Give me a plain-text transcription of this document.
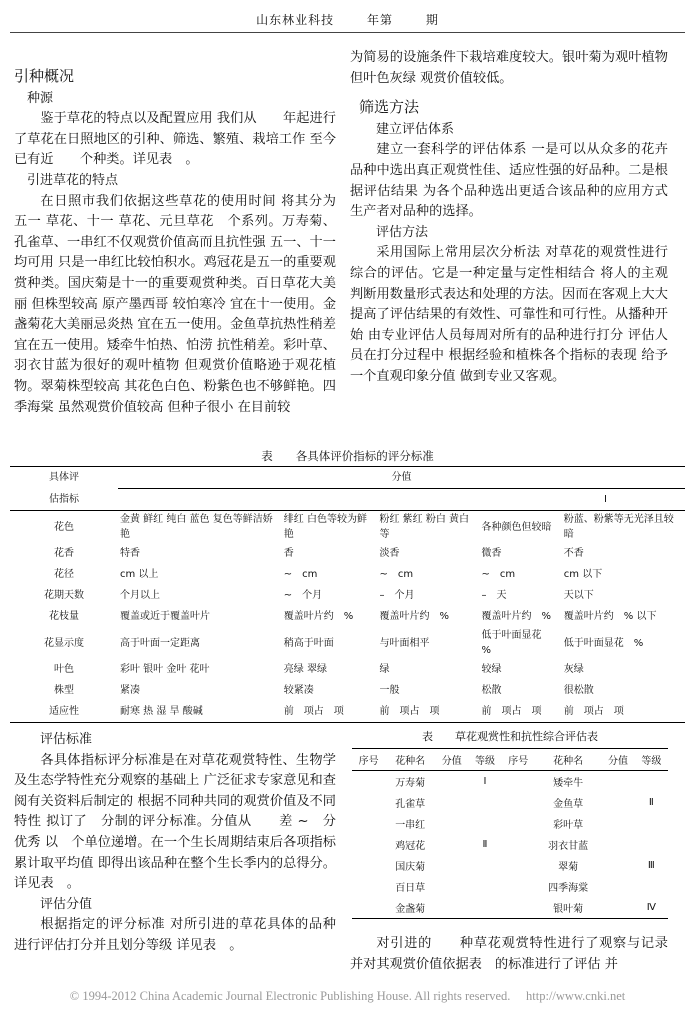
山东林业科技	年第	期
引种概况
种源

鉴于草花的特点以及配置应用 我们从　　年起进行了草花在日照地区的引种、筛选、繁殖、栽培工作 至今已有近　　个种类。详见表　。

引进草花的特点

在日照市我们依据这些草花的使用时间 将其分为　五一 草花、十一 草花、元旦草花　个系列。万寿菊、孔雀草、一串红不仅观赏价值高而且抗性强 五一、十一均可用 只是一串红比较怕积水。鸡冠花是五一的重要观赏种类。国庆菊是十一的重要观赏种类。百日草花大美丽 但株型较高 原产墨西哥 较怕寒冷 宜在十一使用。金盏菊花大美丽忌炎热 宜在五一使用。金鱼草抗热性稍差 宜在五一使用。矮牵牛怕热、怕涝 抗性稍差。彩叶草、羽衣甘蓝为很好的观叶植物 但观赏价值略逊于观花植物。翠菊株型较高 其花色白色、粉紫色也不够鲜艳。四季海棠 虽然观赏价值较高 但种子很小 在目前较

为简易的设施条件下栽培难度较大。银叶菊为观叶植物 但叶色灰绿 观赏价值较低。

筛选方法
建立评估体系

建立一套科学的评估体系 一是可以从众多的花卉品种中选出真正观赏性佳、适应性强的好品种。二是根据评估结果 为各个品种选出更适合该品种的应用方式 生产者对品种的选择。

评估方法

采用国际上常用层次分析法 对草花的观赏性进行综合的评估。它是一种定量与定性相结合 将人的主观判断用数量形式表达和处理的方法。因而在客观上大大提高了评估结果的有效性、可靠性和可行性。从播种开始 由专业评估人员每周对所有的品种进行打分 评估人员在打分过程中 根据经验和植株各个指标的表现 给予一个直观印象分值 做到专业又客观。

表　　各具体评价指标的评分标准
具体评	分值				
估指标					Ⅰ
花色	金黄 鲜红 纯白 蓝色 复色等鲜洁娇艳	绯红 白色等较为鲜艳	粉红 紫红 粉白 黄白等	各种颜色但较暗	粉蓝、粉紫等无光泽且较暗
花香	特香	香	淡香	微香	不香
花径	cm 以上	~　cm	~　cm	~　cm	cm 以下
花期天数	个月以上	~　个月	–　个月	–　天	天以下
花枝量	覆盖或近于覆盖叶片	覆盖叶片约　%	覆盖叶片约　%	覆盖叶片约　%	覆盖叶片约　% 以下
花显示度	高于叶面一定距离	稍高于叶面	与叶面相平	低于叶面显花　%	低于叶面显花　%
叶色	彩叶 银叶 金叶 花叶	亮绿 翠绿	绿	较绿	灰绿
株型	紧凑	较紧凑	一般	松散	很松散
适应性	耐寒 热 湿 旱 酸碱	前　项占　项	前　项占　项	前　项占　项	前　项占　项
评估标准

各具体指标评分标准是在对草花观赏特性、生物学及生态学特性充分观察的基础上 广泛征求专家意见和查阅有关资料后制定的 根据不同种共同的观赏价值及不同特性 拟订了　分制的评分标准。分值从　　差 ~　分 优秀 以　个单位递增。在一个生长周期结束后各项指标累计取平均值 即得出该品种在整个生长季内的总得分。详见表　。

评估分值

根据指定的评分标准 对所引进的草花具体的品种 进行评估打分并且划分等级 详见表　。

表　　草花观赏性和抗性综合评估表
序号	花种名	分值	等级	序号	花种名	分值	等级
	万寿菊		Ⅰ		矮牵牛		
	孔雀草				金鱼草		Ⅱ
	一串红				彩叶草		
	鸡冠花		Ⅱ		羽衣甘蓝		
	国庆菊				翠菊		Ⅲ
	百日草				四季海棠		
	金盏菊				银叶菊		Ⅳ

对引进的　　种草花观赏特性进行了观察与记录 并对其观赏价值依据表　的标准进行了评估 并

© 1994-2012 China Academic Journal Electronic Publishing House. All rights reserved.　 http://www.cnki.net
